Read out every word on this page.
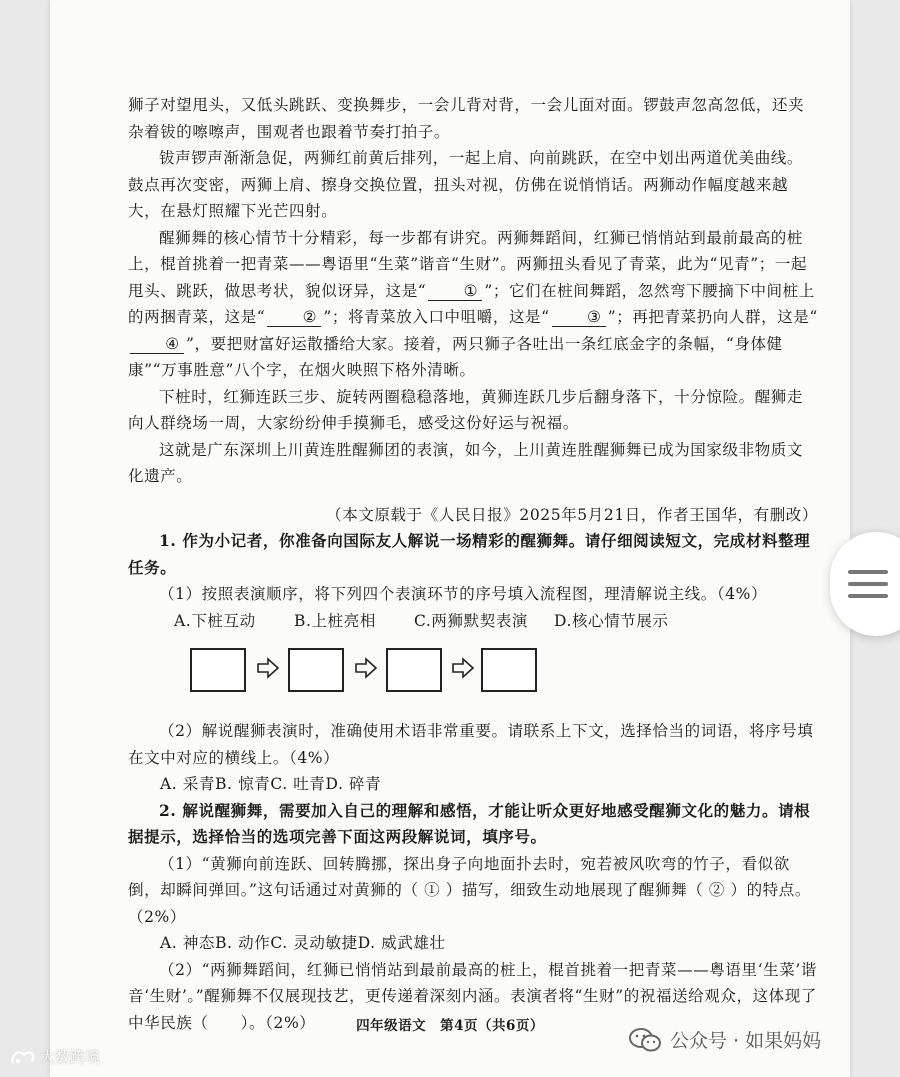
狮子对望甩头，又低头跳跃、变换舞步，一会儿背对背，一会儿面对面。锣鼓声忽高忽低，还夹杂着钹的嚓嚓声，围观者也跟着节奏打拍子。

钹声锣声渐渐急促，两狮红前黄后排列，一起上肩、向前跳跃，在空中划出两道优美曲线。鼓点再次变密，两狮上肩、擦身交换位置，扭头对视，仿佛在说悄悄话。两狮动作幅度越来越大，在悬灯照耀下光芒四射。

醒狮舞的核心情节十分精彩，每一步都有讲究。两狮舞蹈间，红狮已悄悄站到最前最高的桩上，棍首挑着一把青菜——粤语里“生菜”谐音“生财”。两狮扭头看见了青菜，此为“见青”；一起甩头、跳跃，做思考状，貌似讶异，这是“ ① ”；它们在桩间舞蹈，忽然弯下腰摘下中间桩上的两捆青菜，这是“ ② ”；将青菜放入口中咀嚼，这是“ ③ ”；再把青菜扔向人群，这是“④ ”，要把财富好运散播给大家。接着，两只狮子各吐出一条红底金字的条幅，“身体健康”“万事胜意”八个字，在烟火映照下格外清晰。

下桩时，红狮连跃三步、旋转两圈稳稳落地，黄狮连跃几步后翻身落下，十分惊险。醒狮走向人群绕场一周，大家纷纷伸手摸狮毛，感受这份好运与祝福。

这就是广东深圳上川黄连胜醒狮团的表演，如今，上川黄连胜醒狮舞已成为国家级非物质文化遗产。

（本文原载于《人民日报》2025年5月21日，作者王国华，有删改）

1. 作为小记者，你准备向国际友人解说一场精彩的醒狮舞。请仔细阅读短文，完成材料整理任务。

（1）按照表演顺序，将下列四个表演环节的序号填入流程图，理清解说主线。（4%）

A.下桩互动	B.上桩亮相	C.两狮默契表演	D.核心情节展示

（2）解说醒狮表演时，准确使用术语非常重要。请联系上下文，选择恰当的词语，将序号填在文中对应的横线上。（4%）

A. 采青 B. 惊青 C. 吐青 D. 碎青

2. 解说醒狮舞，需要加入自己的理解和感悟，才能让听众更好地感受醒狮文化的魅力。请根据提示，选择恰当的选项完善下面这两段解说词，填序号。

（1）“黄狮向前连跃、回转腾挪，探出身子向地面扑去时，宛若被风吹弯的竹子，看似欲倒，却瞬间弹回。”这句话通过对黄狮的（ ① ）描写，细致生动地展现了醒狮舞（ ② ）的特点。（2%）

A. 神态 B. 动作 C. 灵动敏捷 D. 威武雄壮

（2）“两狮舞蹈间，红狮已悄悄站到最前最高的桩上，棍首挑着一把青菜——粤语里‘生菜’谐音‘生财’。”醒狮舞不仅展现技艺，更传递着深刻内涵。表演者将“生财”的祝福送给观众，这体现了中华民族（　　）。（2%）	四年级语文　第4页（共6页）
公众号 · 如果妈妈
大数跨境
